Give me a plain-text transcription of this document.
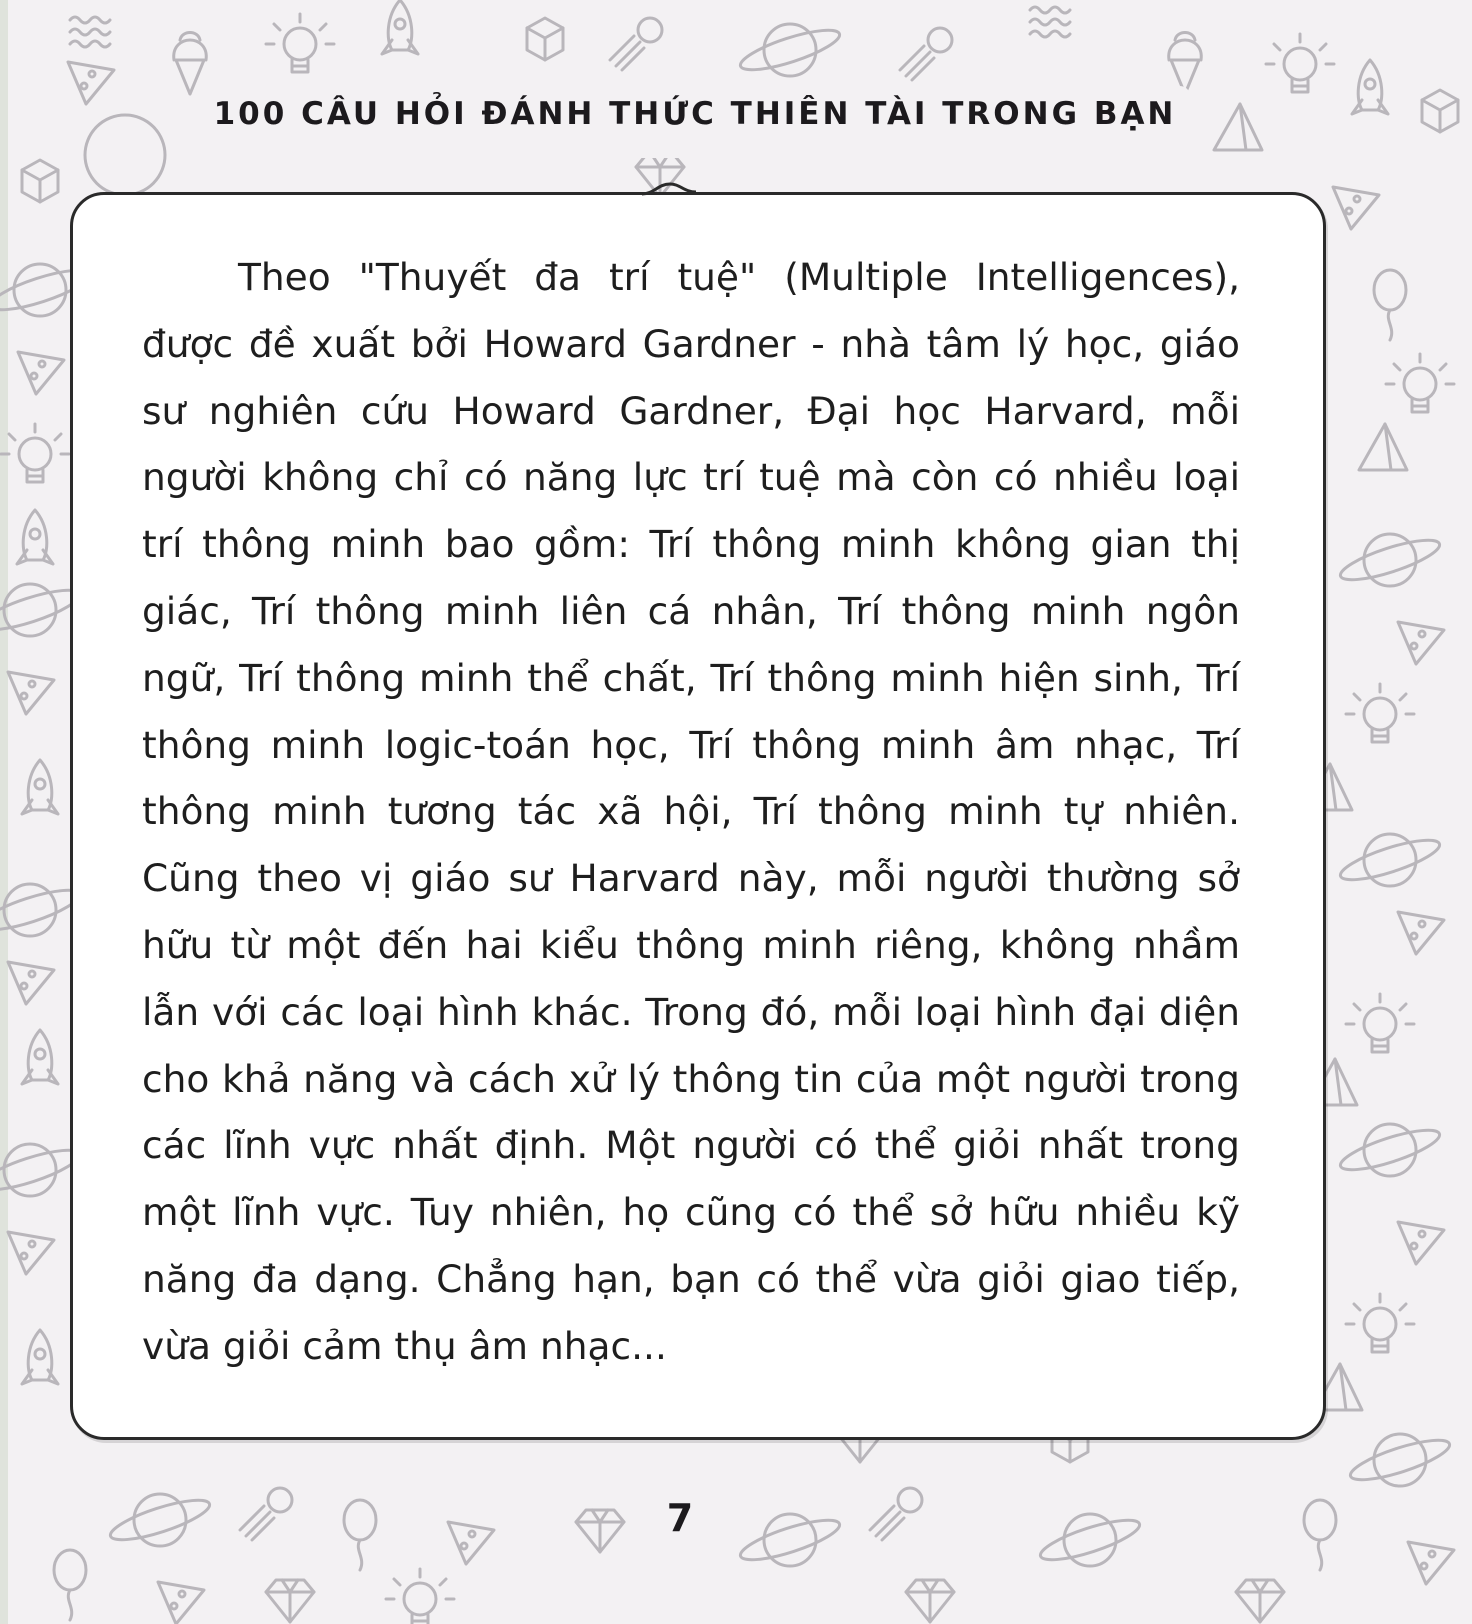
100 CÂU HỎI ĐÁNH THỨC THIÊN TÀI TRONG BẠN

Theo "Thuyết đa trí tuệ" (Multiple Intelligences), được đề xuất bởi Howard Gardner - nhà tâm lý học, giáo sư nghiên cứu Howard Gardner, Đại học Harvard, mỗi người không chỉ có năng lực trí tuệ mà còn có nhiều loại trí thông minh bao gồm: Trí thông minh không gian thị giác, Trí thông minh liên cá nhân, Trí thông minh ngôn ngữ, Trí thông minh thể chất, Trí thông minh hiện sinh, Trí thông minh logic-toán học, Trí thông minh âm nhạc, Trí thông minh tương tác xã hội, Trí thông minh tự nhiên. Cũng theo vị giáo sư Harvard này, mỗi người thường sở hữu từ một đến hai kiểu thông minh riêng, không nhầm lẫn với các loại hình khác. Trong đó, mỗi loại hình đại diện cho khả năng và cách xử lý thông tin của một người trong các lĩnh vực nhất định. Một người có thể giỏi nhất trong một lĩnh vực. Tuy nhiên, họ cũng có thể sở hữu nhiều kỹ năng đa dạng. Chẳng hạn, bạn có thể vừa giỏi giao tiếp, vừa giỏi cảm thụ âm nhạc...

7
